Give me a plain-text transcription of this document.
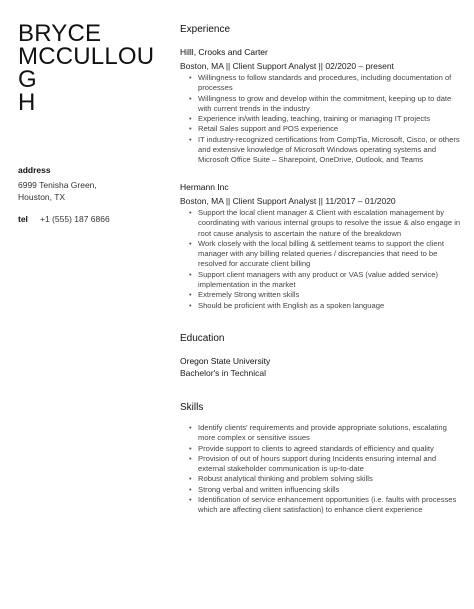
BRYCE
MCCULLOUG
H
address
6999 Tenisha Green,
Houston, TX
tel	+1 (555) 187 6866
Experience
Hilll, Crooks and Carter
Boston, MA || Client Support Analyst || 02/2020 – present
• Willingness to follow standards and procedures, including documentation of processes
• Willingness to grow and develop within the commitment, keeping up to date with current trends in the industry
• Experience in/with leading, teaching, training or managing IT projects
• Retail Sales support and POS experience
• IT industry-recognized certifications from CompTia, Microsoft, Cisco, or others and extensive knowledge of Microsoft Windows operating systems and Microsoft Office Suite – Sharepoint, OneDrive, Outlook, and Teams
Hermann Inc
Boston, MA || Client Support Analyst || 11/2017 – 01/2020
• Support the local client manager & Client with escalation management by coordinating with various internal groups to resolve the issue & also engage in root cause analysis to ascertain the nature of the breakdown
• Work closely with the local billing & settlement teams to support the client manager with any billing related queries / discrepancies that need to be resolved for accurate client billing
• Support client managers with any product or VAS (value added service) implementation in the market
• Extremely Strong written skills
• Should be proficient with English as a spoken language
Education
Oregon State University
Bachelor's in Technical
Skills
• Identify clients' requirements and provide appropriate solutions, escalating more complex or sensitive issues
• Provide support to clients to agreed standards of efficiency and quality
• Provision of out of hours support during Incidents ensuring internal and external stakeholder communication is up-to-date
• Robust analytical thinking and problem solving skills
• Strong verbal and written influencing skills
• Identification of service enhancement opportunities (i.e. faults with processes which are affecting client satisfaction) to enhance client experience
